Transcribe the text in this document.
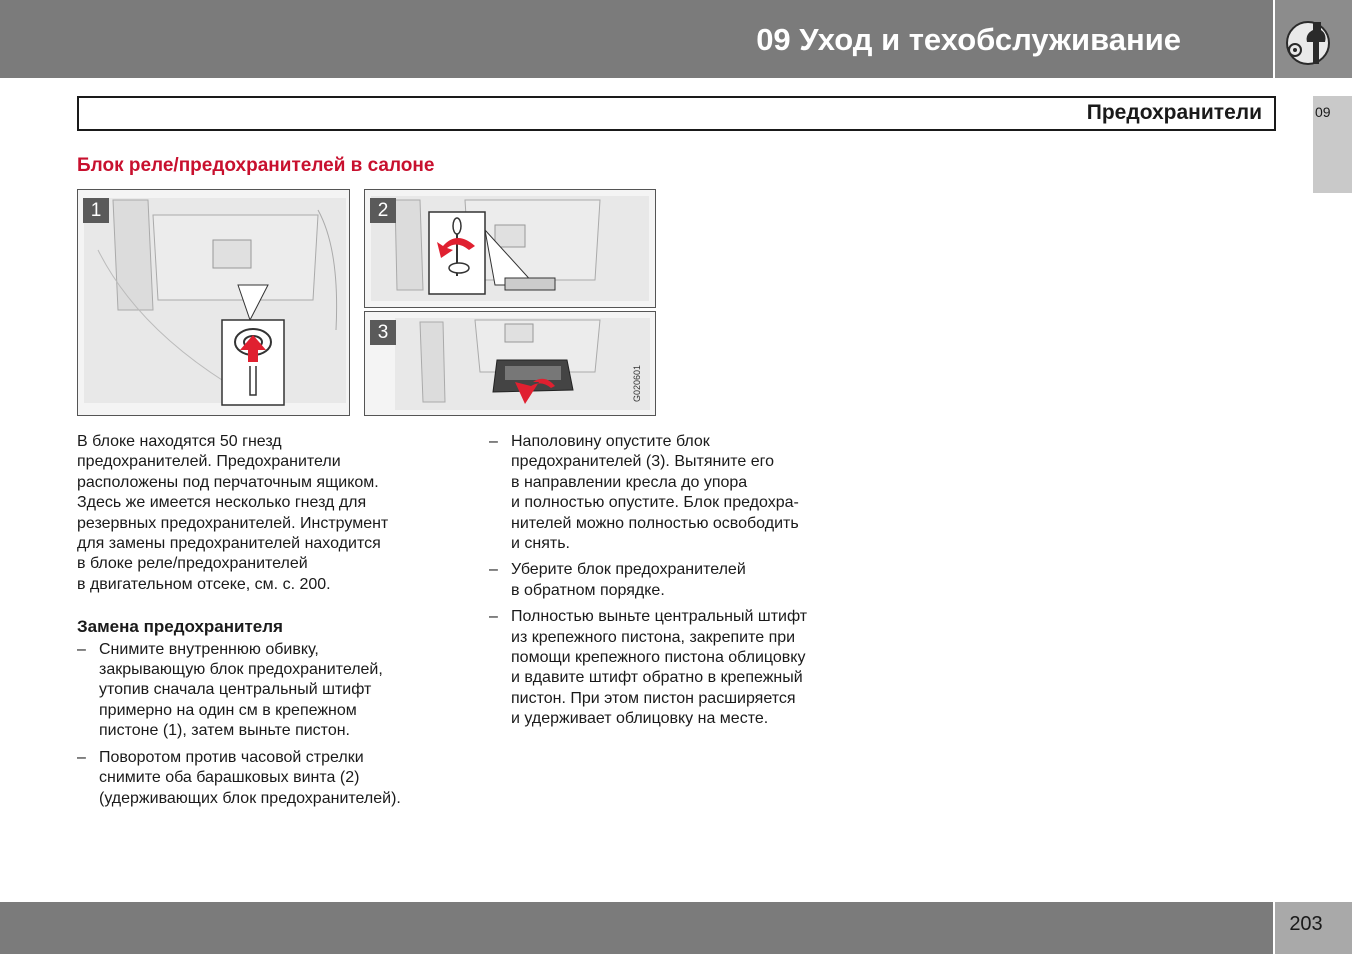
09 Уход и техобслуживание
Предохранители	09
Блок реле/предохранителей в салоне
1	2
3
G020601
В блоке находятся 50 гнезд
предохранителей. Предохранители
расположены под перчаточным ящиком.
Здесь же имеется несколько гнезд для
резервных предохранителей. Инструмент
для замены предохранителей находится
в блоке реле/предохранителей
в двигательном отсеке, см. с. 200.
Замена предохранителя
– Снимите внутреннюю обивку,
закрывающую блок предохранителей,
утопив сначала центральный штифт
примерно на один см в крепежном
пистоне (1), затем выньте пистон.
– Поворотом против часовой стрелки
снимите оба барашковых винта (2)
(удерживающих блок предохранителей).
– Наполовину опустите блок
предохранителей (3). Вытяните его
в направлении кресла до упора
и полностью опустите. Блок предохра-
нителей можно полностью освободить
и снять.
– Уберите блок предохранителей
в обратном порядке.
– Полностью выньте центральный штифт
из крепежного пистона, закрепите при
помощи крепежного пистона облицовку
и вдавите штифт обратно в крепежный
пистон. При этом пистон расширяется
и удерживает облицовку на месте.
203
